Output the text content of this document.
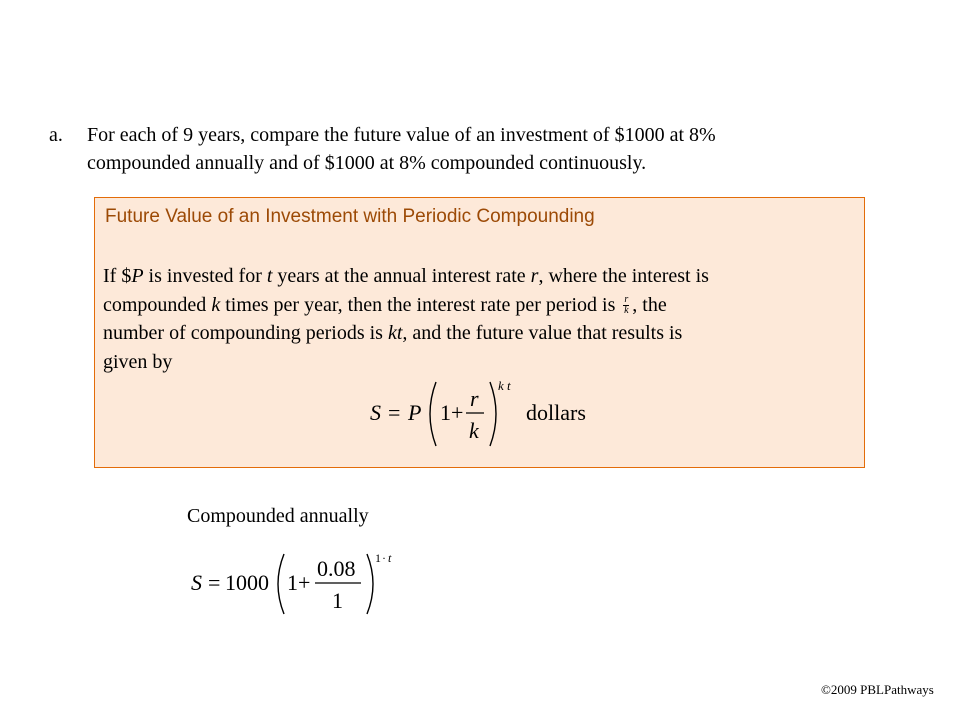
a. For each of 9 years, compare the future value of an investment of $1000 at 8%
compounded annually and of $1000 at 8% compounded continuously.
Future Value of an Investment with Periodic Compounding
If $P is invested for t years at the annual interest rate r, where the interest is
compounded k times per year, then the interest rate per period is $\frac{r}{k}$ , the
number of compounding periods is kt, and the future value that results is
given by
S = P 1+
r
k
k t
dollars
Compounded annually
S = 1000 1+
0.08
1
1 · t
©2009 PBLPathways
